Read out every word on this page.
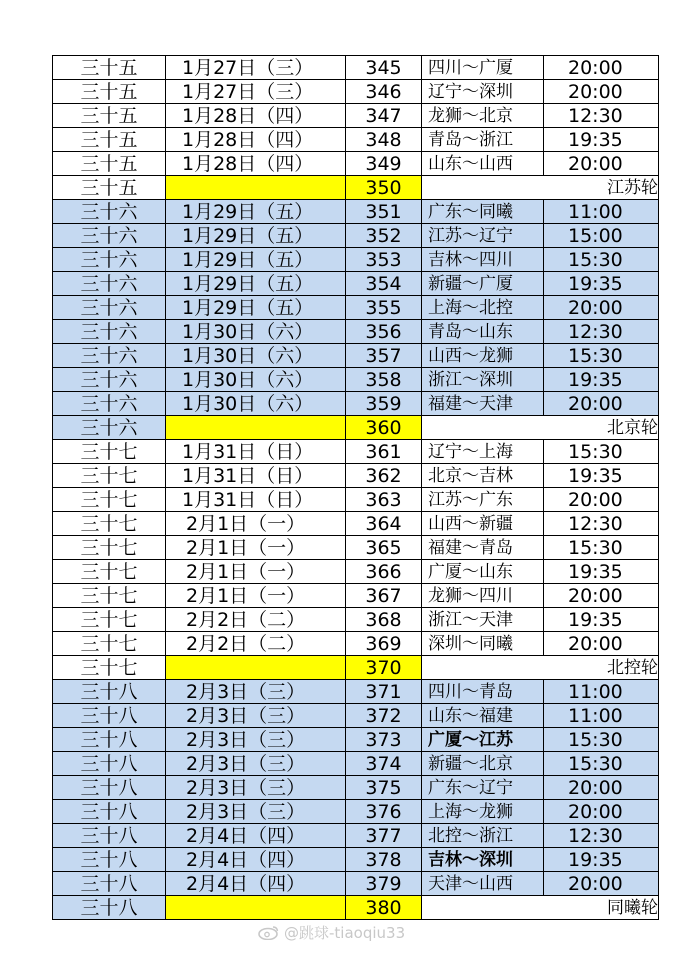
三十五	1月27日（三）	345	四川～广厦	20:00
三十五	1月27日（三）	346	辽宁～深圳	20:00
三十五	1月28日（四）	347	龙狮～北京	12:30
三十五	1月28日（四）	348	青岛～浙江	19:35
三十五	1月28日（四）	349	山东～山西	20:00
三十五		350	江苏轮	
三十六	1月29日（五）	351	广东～同曦	11:00
三十六	1月29日（五）	352	江苏～辽宁	15:00
三十六	1月29日（五）	353	吉林～四川	15:30
三十六	1月29日（五）	354	新疆～广厦	19:35
三十六	1月29日（五）	355	上海～北控	20:00
三十六	1月30日（六）	356	青岛～山东	12:30
三十六	1月30日（六）	357	山西～龙狮	15:30
三十六	1月30日（六）	358	浙江～深圳	19:35
三十六	1月30日（六）	359	福建～天津	20:00
三十六		360	北京轮	
三十七	1月31日（日）	361	辽宁～上海	15:30
三十七	1月31日（日）	362	北京～吉林	19:35
三十七	1月31日（日）	363	江苏～广东	20:00
三十七	2月1日（一）	364	山西～新疆	12:30
三十七	2月1日（一）	365	福建～青岛	15:30
三十七	2月1日（一）	366	广厦～山东	19:35
三十七	2月1日（一）	367	龙狮～四川	20:00
三十七	2月2日（二）	368	浙江～天津	19:35
三十七	2月2日（二）	369	深圳～同曦	20:00
三十七		370	北控轮	
三十八	2月3日（三）	371	四川～青岛	11:00
三十八	2月3日（三）	372	山东～福建	11:00
三十八	2月3日（三）	373	广厦～江苏	15:30
三十八	2月3日（三）	374	新疆～北京	15:30
三十八	2月3日（三）	375	广东～辽宁	20:00
三十八	2月3日（三）	376	上海～龙狮	20:00
三十八	2月4日（四）	377	北控～浙江	12:30
三十八	2月4日（四）	378	吉林～深圳	19:35
三十八	2月4日（四）	379	天津～山西	20:00
三十八		380	同曦轮	
@跳球-tiaoqiu33
